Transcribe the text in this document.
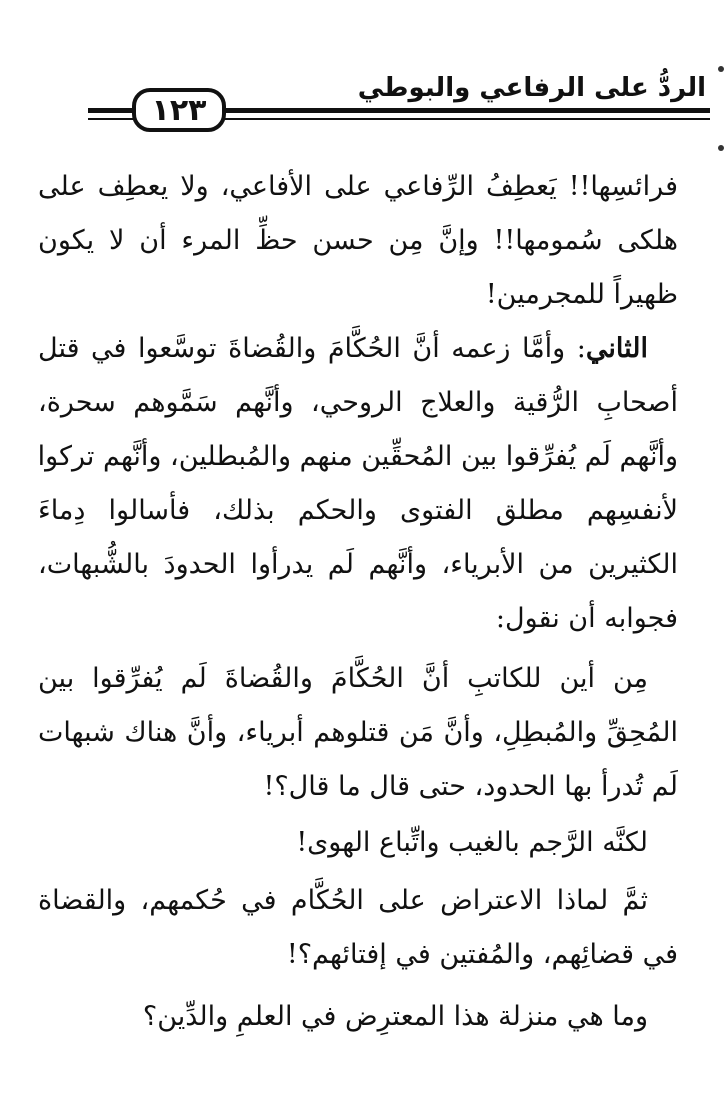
الردُّ على الرفاعي والبوطي
١٢٣
فرائسِها!! يَعطِفُ الرِّفاعي على الأفاعي، ولا يعطِف على
هلكى سُمومها!! وإنَّ مِن حسن حظِّ المرء أن لا يكون
ظهيراً للمجرمين!
الثاني: وأمَّا زعمه أنَّ الحُكَّامَ والقُضاةَ توسَّعوا في قتل
أصحابِ الرُّقية والعلاج الروحي، وأنَّهم سَمَّوهم سحرة،
وأنَّهم لَم يُفرِّقوا بين المُحقِّين منهم والمُبطلين، وأنَّهم تركوا
لأنفسِهم مطلق الفتوى والحكم بذلك، فأسالوا دِماءَ
الكثيرين من الأبرياء، وأنَّهم لَم يدرأوا الحدودَ بالشُّبهات،
فجوابه أن نقول:
مِن أين للكاتبِ أنَّ الحُكَّامَ والقُضاةَ لَم يُفرِّقوا بين
المُحِقِّ والمُبطِلِ، وأنَّ مَن قتلوهم أبرياء، وأنَّ هناك شبهات
لَم تُدرأ بها الحدود، حتى قال ما قال؟!
لكنَّه الرَّجم بالغيب واتِّباع الهوى!
ثمَّ لماذا الاعتراض على الحُكَّام في حُكمهم، والقضاة
في قضائِهم، والمُفتين في إفتائهم؟!
وما هي منزلة هذا المعترِض في العلمِ والدِّين؟
